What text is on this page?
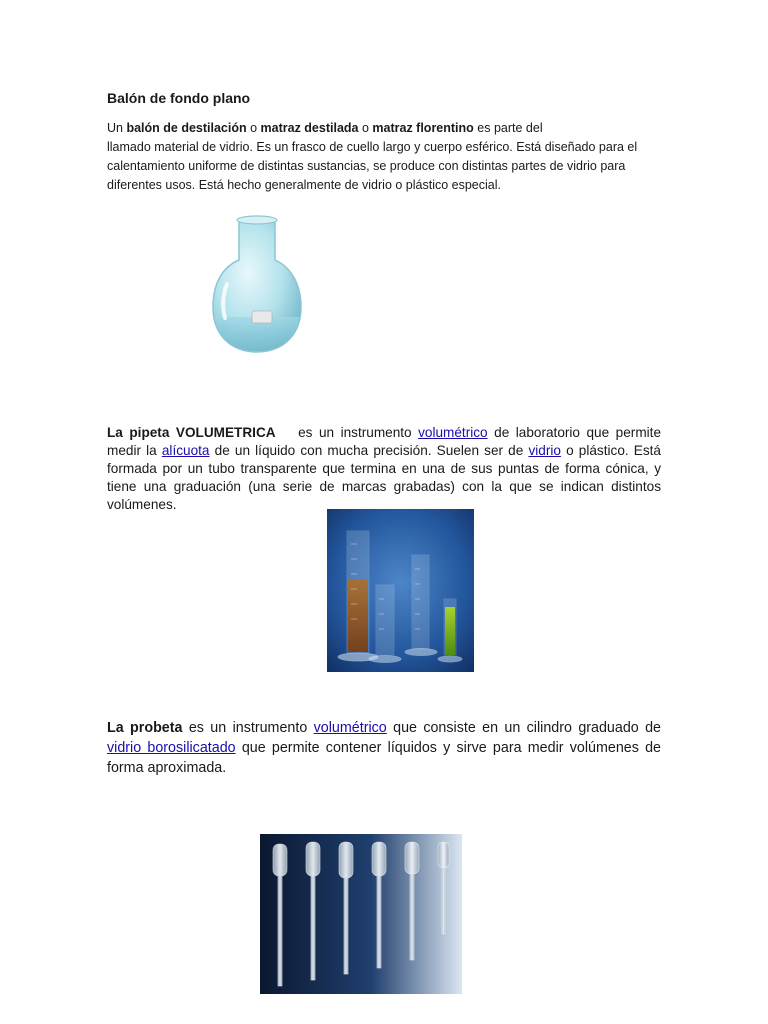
Balón de fondo plano

Un balón de destilación o matraz destilada o matraz florentino es parte del
llamado material de vidrio. Es un frasco de cuello largo y cuerpo esférico. Está diseñado para el calentamiento uniforme de distintas sustancias, se produce con distintas partes de vidrio para diferentes usos. Está hecho generalmente de vidrio o plástico especial.

La pipeta VOLUMETRICA es un instrumento volumétrico de laboratorio que permite medir la alícuota de un líquido con mucha precisión. Suelen ser de vidrio o plástico. Está formada por un tubo transparente que termina en una de sus puntas de forma cónica, y tiene una graduación (una serie de marcas grabadas) con la que se indican distintos volúmenes.

La probeta es un instrumento volumétrico que consiste en un cilindro graduado de vidrio borosilicatado que permite contener líquidos y sirve para medir volúmenes de forma aproximada.
